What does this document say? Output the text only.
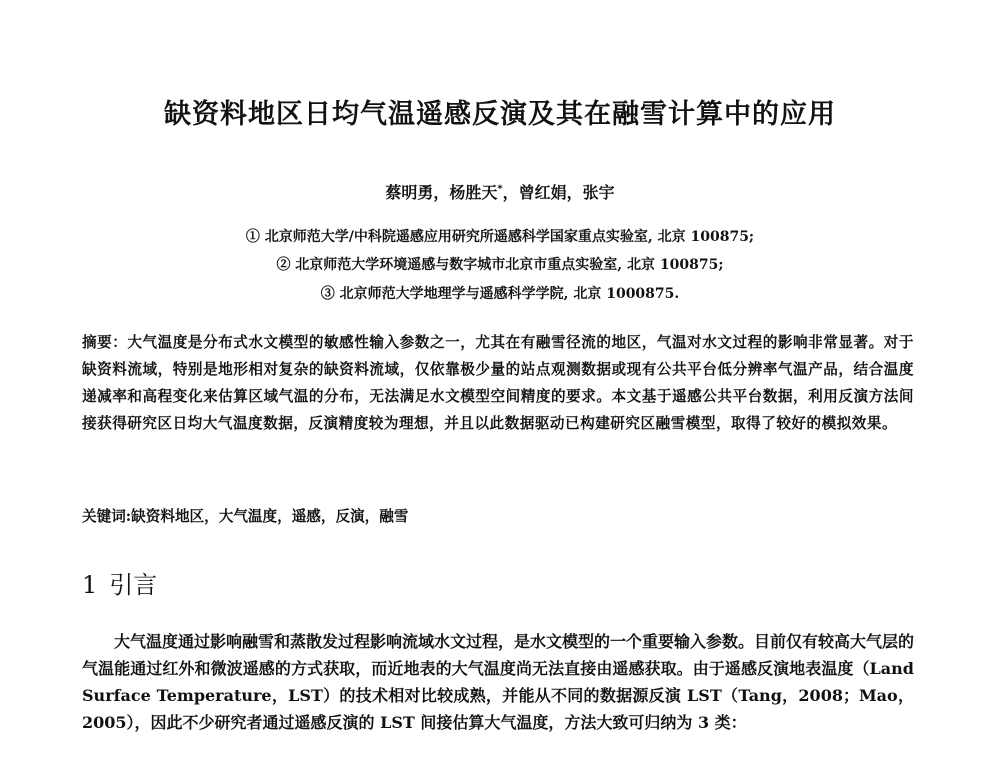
缺资料地区日均气温遥感反演及其在融雪计算中的应用
蔡明勇，杨胜天*，曾红娟，张宇
① 北京师范大学/中科院遥感应用研究所遥感科学国家重点实验室, 北京 100875;
② 北京师范大学环境遥感与数字城市北京市重点实验室, 北京 100875;
③ 北京师范大学地理学与遥感科学学院, 北京 1000875.
摘要：大气温度是分布式水文模型的敏感性输入参数之一，尤其在有融雪径流的地区，气温对水文过程的影响非常显著。对于缺资料流域，特别是地形相对复杂的缺资料流域，仅依靠极少量的站点观测数据或现有公共平台低分辨率气温产品，结合温度递减率和高程变化来估算区域气温的分布，无法满足水文模型空间精度的要求。本文基于遥感公共平台数据，利用反演方法间接获得研究区日均大气温度数据，反演精度较为理想，并且以此数据驱动已构建研究区融雪模型，取得了较好的模拟效果。
关键词:缺资料地区，大气温度，遥感，反演，融雪
1 引言
大气温度通过影响融雪和蒸散发过程影响流域水文过程，是水文模型的一个重要输入参数。目前仅有较高大气层的气温能通过红外和微波遥感的方式获取，而近地表的大气温度尚无法直接由遥感获取。由于遥感反演地表温度（Land Surface Temperature，LST）的技术相对比较成熟，并能从不同的数据源反演 LST（Tang，2008；Mao，2005），因此不少研究者通过遥感反演的 LST 间接估算大气温度，方法大致可归纳为 3 类：
